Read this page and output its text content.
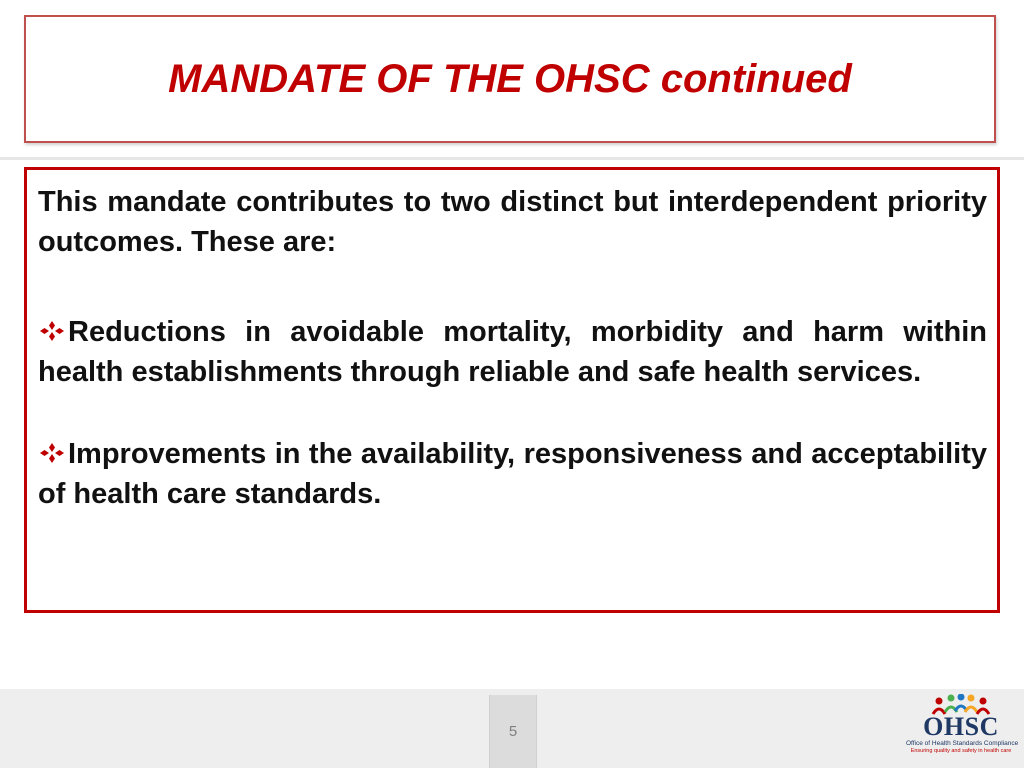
MANDATE OF THE OHSC continued

This mandate contributes to two distinct but interdependent priority outcomes. These are:

Reductions in avoidable mortality, morbidity and harm within health establishments through reliable and safe health services.

Improvements in the availability, responsiveness and acceptability of health care standards.

5	OHSC
Office of Health Standards Compliance
Ensuring quality and safety in health care
